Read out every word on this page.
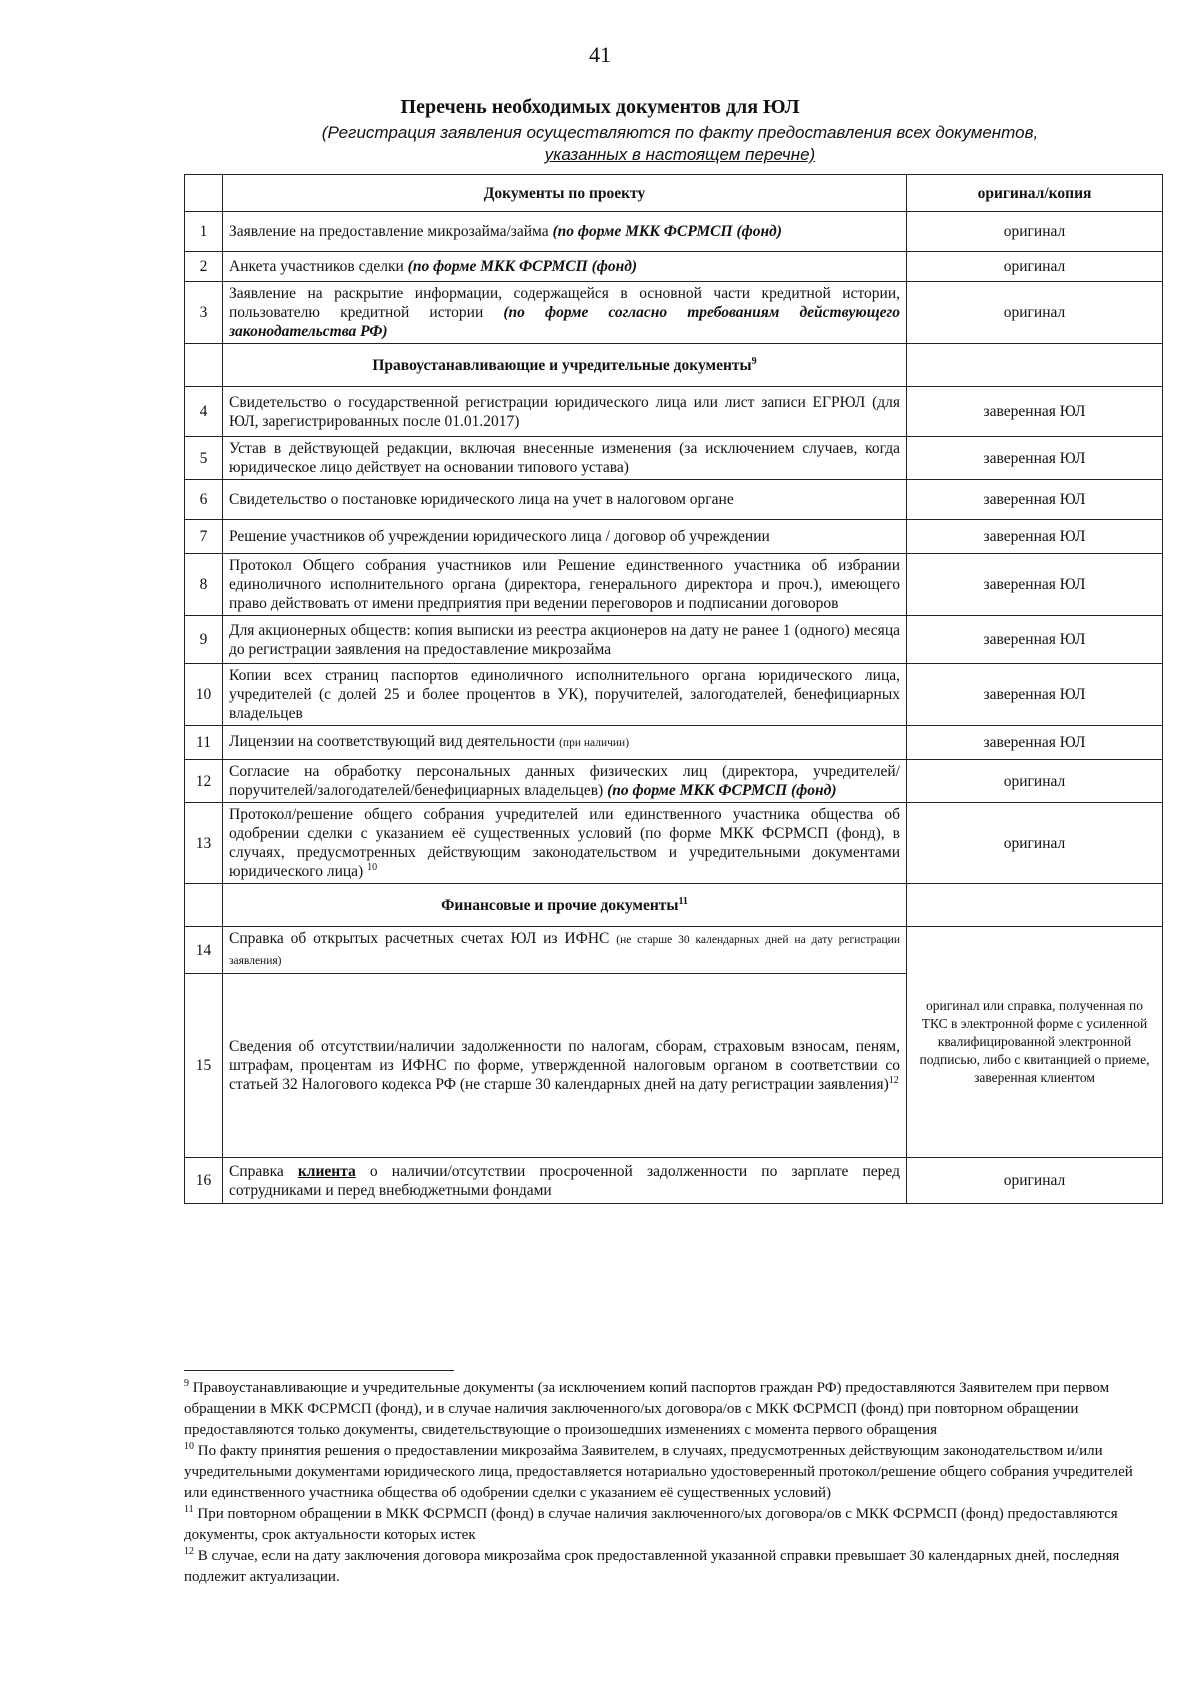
41
Перечень необходимых документов для ЮЛ
(Регистрация заявления осуществляются по факту предоставления всех документов,
указанных в настоящем перечне)
	Документы по проекту	оригинал/копия
1	Заявление на предоставление микрозайма/займа (по форме МКК ФСРМСП (фонд)	оригинал
2	Анкета участников сделки (по форме МКК ФСРМСП (фонд)	оригинал
3	Заявление на раскрытие информации, содержащейся в основной части кредитной истории, пользователю кредитной истории (по форме согласно требованиям действующего законодательства РФ)	оригинал
	Правоустанавливающие и учредительные документы$^9$	
4	Свидетельство о государственной регистрации юридического лица или лист записи ЕГРЮЛ (для ЮЛ, зарегистрированных после 01.01.2017)	заверенная ЮЛ
5	Устав в действующей редакции, включая внесенные изменения (за исключением случаев, когда юридическое лицо действует на основании типового устава)	заверенная ЮЛ
6	Свидетельство о постановке юридического лица на учет в налоговом органе	заверенная ЮЛ
7	Решение участников об учреждении юридического лица / договор об учреждении	заверенная ЮЛ
8	Протокол Общего собрания участников или Решение единственного участника об избрании единоличного исполнительного органа (директора, генерального директора и проч.), имеющего право действовать от имени предприятия при ведении переговоров и подписании договоров	заверенная ЮЛ
9	Для акционерных обществ: копия выписки из реестра акционеров на дату не ранее 1 (одного) месяца до регистрации заявления на предоставление микрозайма	заверенная ЮЛ
10	Копии всех страниц паспортов единоличного исполнительного органа юридического лица, учредителей (с долей 25 и более процентов в УК), поручителей, залогодателей, бенефициарных владельцев	заверенная ЮЛ
11	Лицензии на соответствующий вид деятельности (при наличии)	заверенная ЮЛ
12	Согласие на обработку персональных данных физических лиц (директора, учредителей/поручителей/залогодателей/бенефициарных владельцев) (по форме МКК ФСРМСП (фонд)	оригинал
13	Протокол/решение общего собрания учредителей или единственного участника общества об одобрении сделки с указанием её существенных условий (по форме МКК ФСРМСП (фонд), в случаях, предусмотренных действующим законодательством и учредительными документами юридического лица) $^{10}$	оригинал
	Финансовые и прочие документы$^{11}$	
14	Справка об открытых расчетных счетах ЮЛ из ИФНС (не старше 30 календарных дней на дату регистрации заявления)	оригинал или справка, полученная по ТКС в электронной форме с усиленной квалифицированной электронной подписью, либо с квитанцией о приеме, заверенная клиентом
15	Сведения об отсутствии/наличии задолженности по налогам, сборам, страховым взносам, пеням, штрафам, процентам из ИФНС по форме, утвержденной налоговым органом в соответствии со статьей 32 Налогового кодекса РФ (не старше 30 календарных дней на дату регистрации заявления)$^{12}$
16	Справка клиента о наличии/отсутствии просроченной задолженности по зарплате перед сотрудниками и перед внебюджетными фондами	оригинал

$^9$ Правоустанавливающие и учредительные документы (за исключением копий паспортов граждан РФ) предоставляются Заявителем при первом обращении в МКК ФСРМСП (фонд), и в случае наличия заключенного/ых договора/ов с МКК ФСРМСП (фонд) при повторном обращении предоставляются только документы, свидетельствующие о произошедших изменениях с момента первого обращения

$^{10}$ По факту принятия решения о предоставлении микрозайма Заявителем, в случаях, предусмотренных действующим законодательством и/или учредительными документами юридического лица, предоставляется нотариально удостоверенный протокол/решение общего собрания учредителей или единственного участника общества об одобрении сделки с указанием её существенных условий)

$^{11}$ При повторном обращении в МКК ФСРМСП (фонд) в случае наличия заключенного/ых договора/ов с МКК ФСРМСП (фонд) предоставляются документы, срок актуальности которых истек

$^{12}$ В случае, если на дату заключения договора микрозайма срок предоставленной указанной справки превышает 30 календарных дней, последняя подлежит актуализации.
